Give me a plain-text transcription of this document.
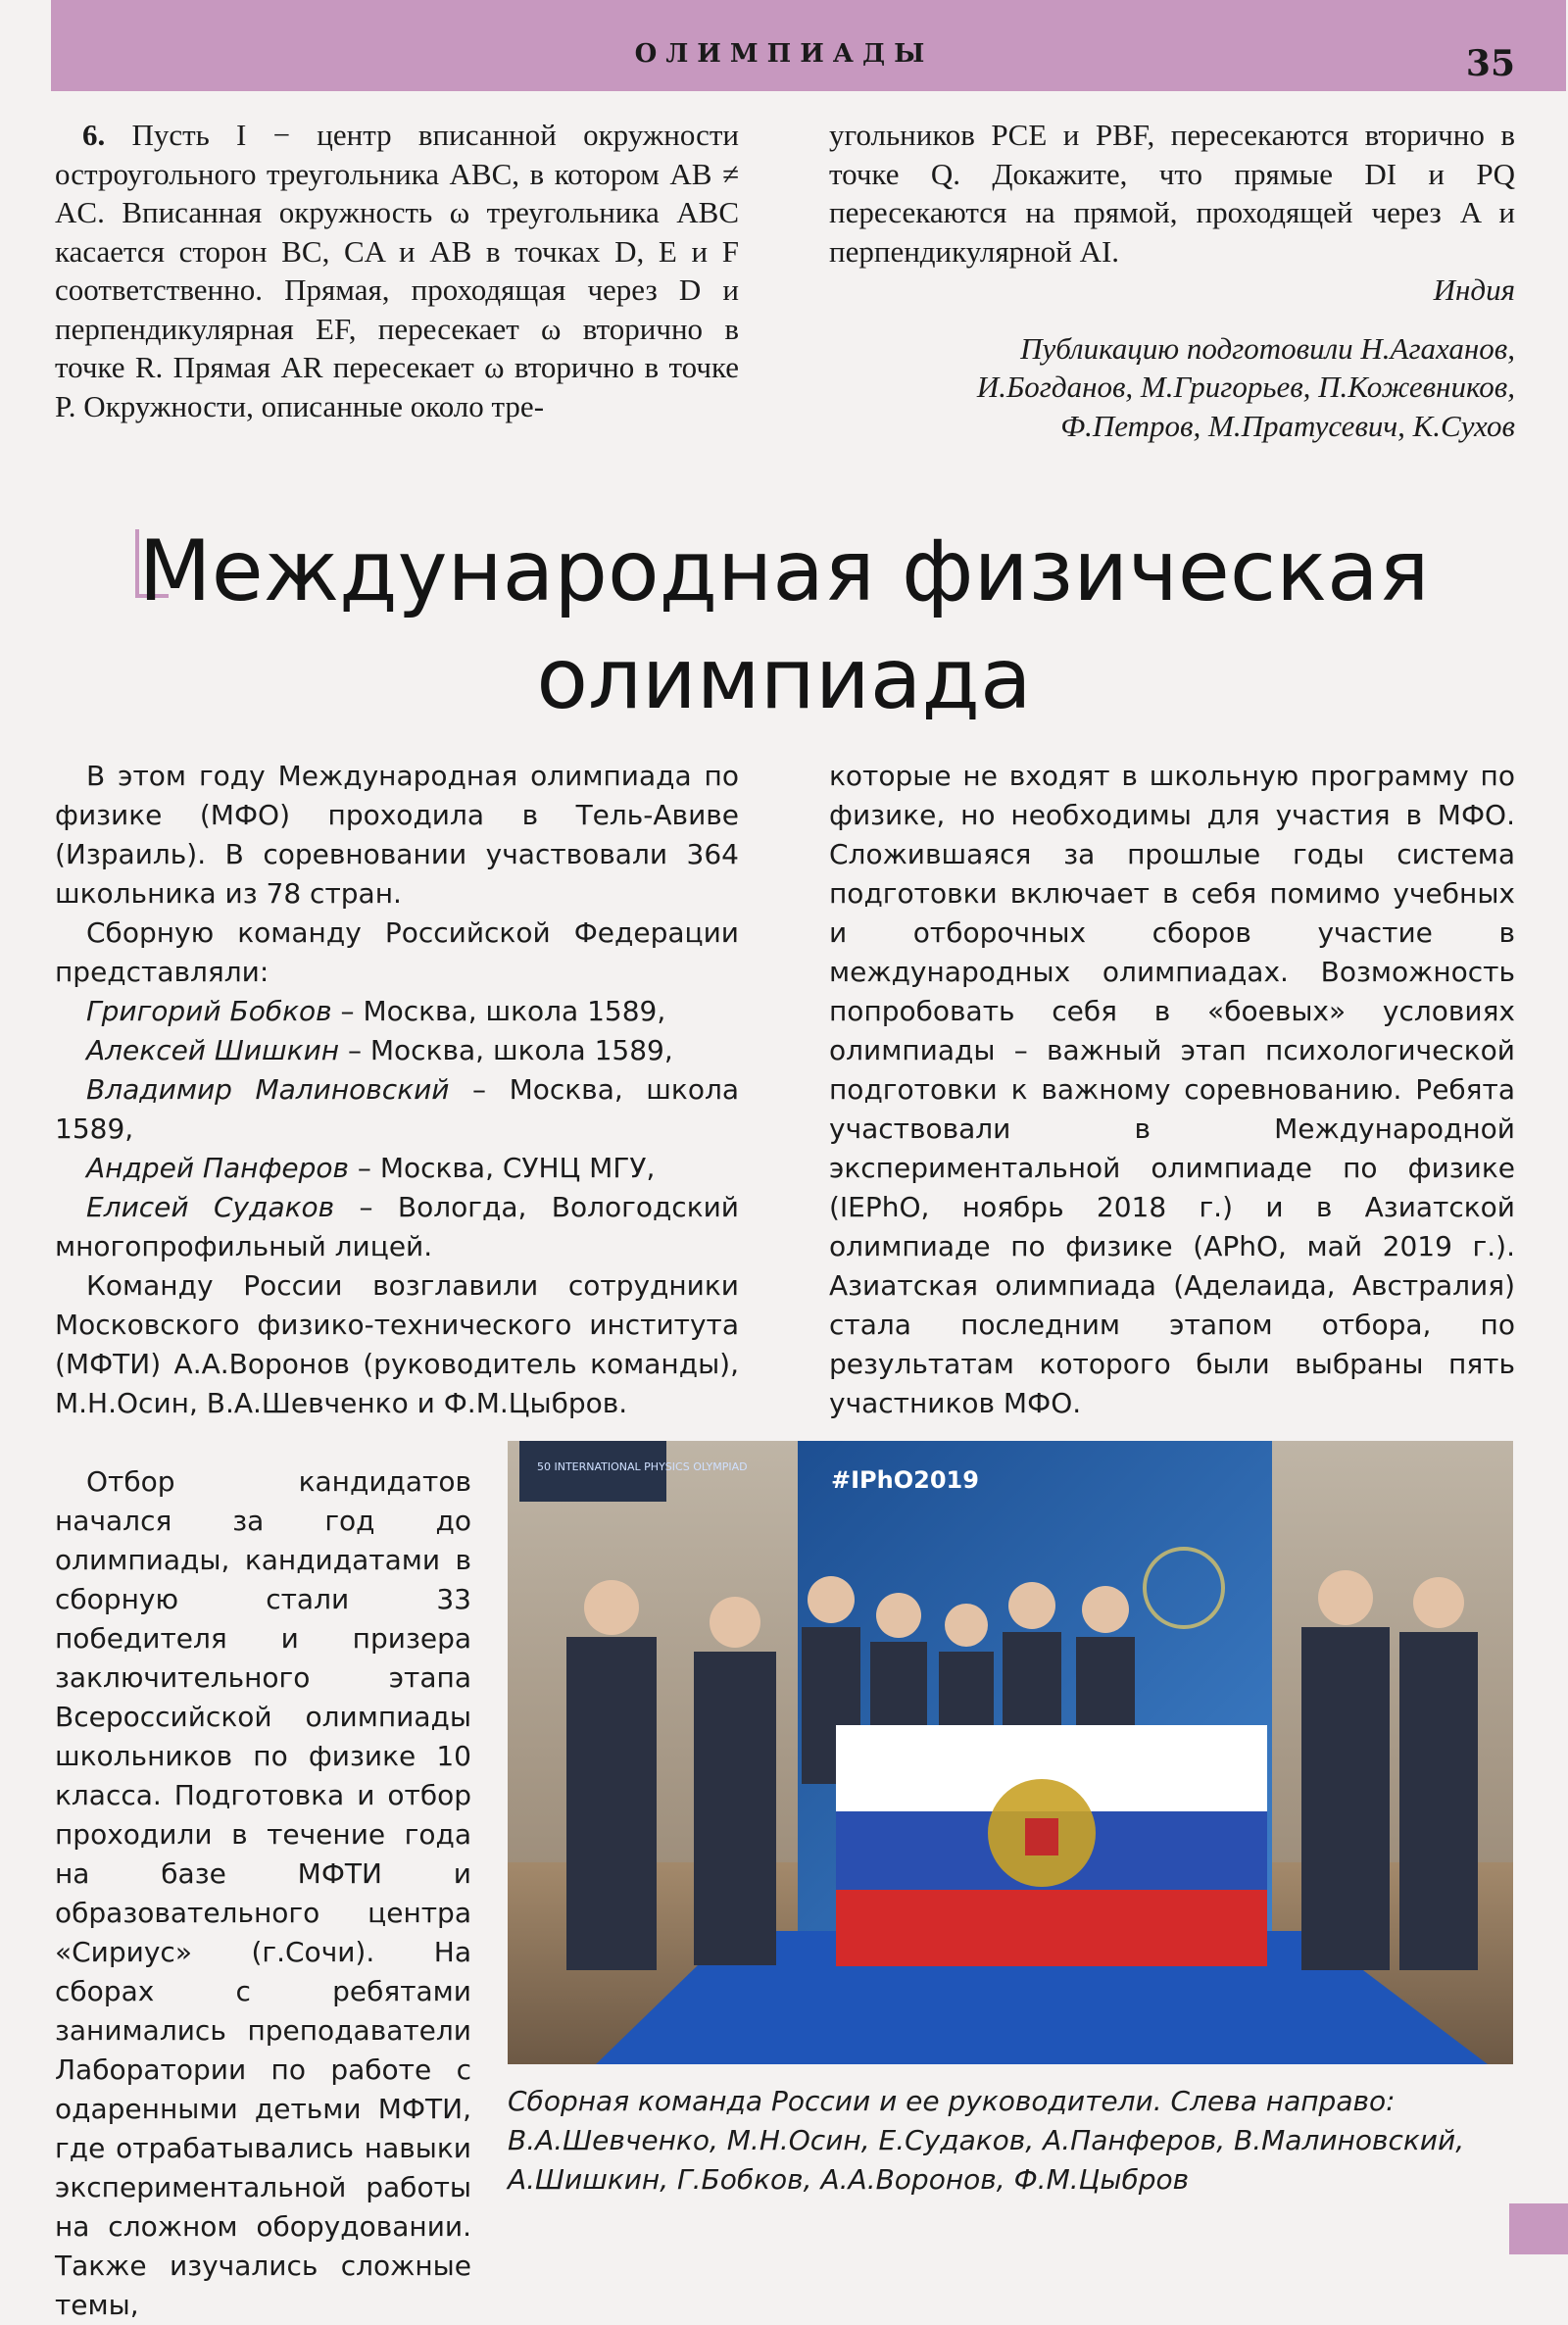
ОЛИМПИАДЫ	35

6. Пусть I − центр вписанной окружности остроугольного треугольника ABC, в котором AB ≠ AC. Вписанная окружность ω треугольника ABC касается сторон BC, CA и AB в точках D, E и F соответственно. Прямая, проходящая через D и перпендикулярная EF, пересекает ω вторично в точке R. Прямая AR пересекает ω вторично в точке P. Окружности, описанные около тре-

угольников PCE и PBF, пересекаются вторично в точке Q. Докажите, что прямые DI и PQ пересекаются на прямой, проходящей через A и перпендикулярной AI.

Индия

Публикацию подготовили Н.Агаханов,
И.Богданов, М.Григорьев, П.Кожевников,
Ф.Петров, М.Пратусевич, К.Сухов

Международная физическая
олимпиада

В этом году Международная олимпиада по физике (МФО) проходила в Тель-Авиве (Израиль). В соревновании участвовали 364 школьника из 78 стран.

Сборную команду Российской Федерации представляли:

Григорий Бобков – Москва, школа 1589,

Алексей Шишкин – Москва, школа 1589,

Владимир Малиновский – Москва, школа 1589,

Андрей Панферов – Москва, СУНЦ МГУ,

Елисей Судаков – Вологда, Вологодский многопрофильный лицей.

Команду России возглавили сотрудники Московского физико-технического института (МФТИ) А.А.Воронов (руководитель команды), М.Н.Осин, В.А.Шевченко и Ф.М.Цыбров.

Отбор кандидатов начался за год до олимпиады, кандидатами в сборную стали 33 победителя и призера заключительного этапа Всероссийской олимпиады школьников по физике 10 класса. Подготовка и отбор проходили в течение года на базе МФТИ и образовательного центра «Сириус» (г.Сочи). На сборах с ребятами занимались преподаватели Лаборатории по работе с одаренными детьми МФТИ, где отрабатывались навыки экспериментальной работы на сложном оборудовании. Также изучались сложные темы,

которые не входят в школьную программу по физике, но необходимы для участия в МФО. Сложившаяся за прошлые годы система подготовки включает в себя помимо учебных и отборочных сборов участие в международных олимпиадах. Возможность попробовать себя в «боевых» условиях олимпиады – важный этап психологической подготовки к важному соревнованию. Ребята участвовали в Международной экспериментальной олимпиаде по физике (IEPhO, ноябрь 2018 г.) и в Азиатской олимпиаде по физике (APhO, май 2019 г.). Азиатская олимпиада (Аделаида, Австралия) стала последним этапом отбора, по результатам которого были выбраны пять участников МФО.

50 INTERNATIONAL PHYSICS OLYMPIAD	#IPhO2019

Сборная команда России и ее руководители. Слева направо: В.А.Шевченко, М.Н.Осин, Е.Судаков, А.Панферов, В.Малиновский, А.Шишкин, Г.Бобков, А.А.Воронов, Ф.М.Цыбров
